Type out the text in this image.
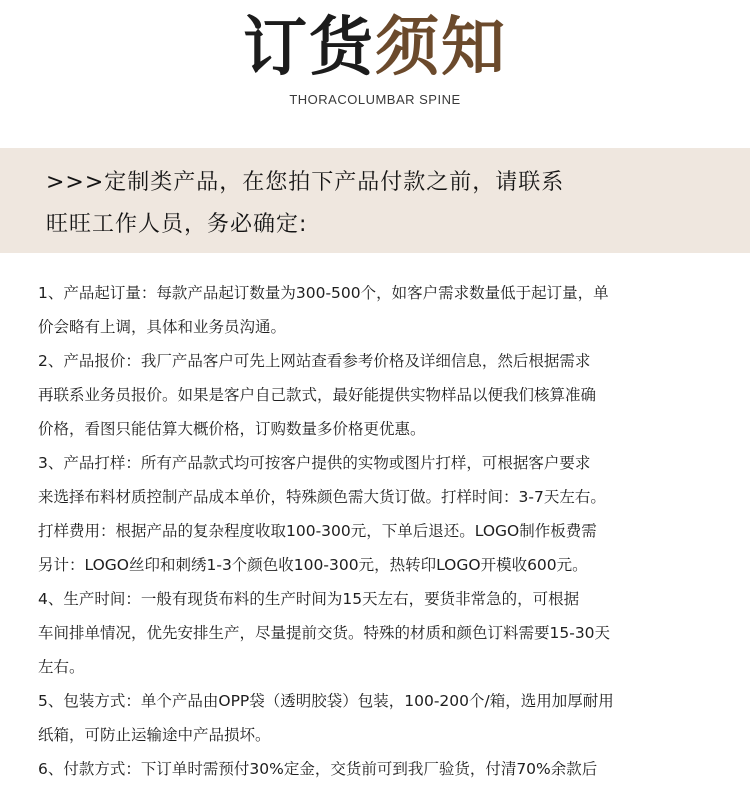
订货须知
THORACOLUMBAR SPINE

>>>定制类产品，在您拍下产品付款之前，请联系

旺旺工作人员，务必确定:

1、产品起订量：每款产品起订数量为300-500个，如客户需求数量低于起订量，单
价会略有上调，具体和业务员沟通。
2、产品报价：我厂产品客户可先上网站查看参考价格及详细信息，然后根据需求
再联系业务员报价。如果是客户自己款式，最好能提供实物样品以便我们核算准确
价格，看图只能估算大概价格，订购数量多价格更优惠。
3、产品打样：所有产品款式均可按客户提供的实物或图片打样，可根据客户要求
来选择布料材质控制产品成本单价，特殊颜色需大货订做。打样时间：3-7天左右。
打样费用：根据产品的复杂程度收取100-300元，下单后退还。LOGO制作板费需
另计：LOGO丝印和刺绣1-3个颜色收100-300元，热转印LOGO开模收600元。
4、生产时间：一般有现货布料的生产时间为15天左右，要货非常急的，可根据
车间排单情况，优先安排生产，尽量提前交货。特殊的材质和颜色订料需要15-30天
左右。
5、包装方式：单个产品由OPP袋（透明胶袋）包装，100-200个/箱，选用加厚耐用
纸箱，可防止运输途中产品损坏。
6、付款方式：下订单时需预付30%定金，交货前可到我厂验货，付清70%余款后
